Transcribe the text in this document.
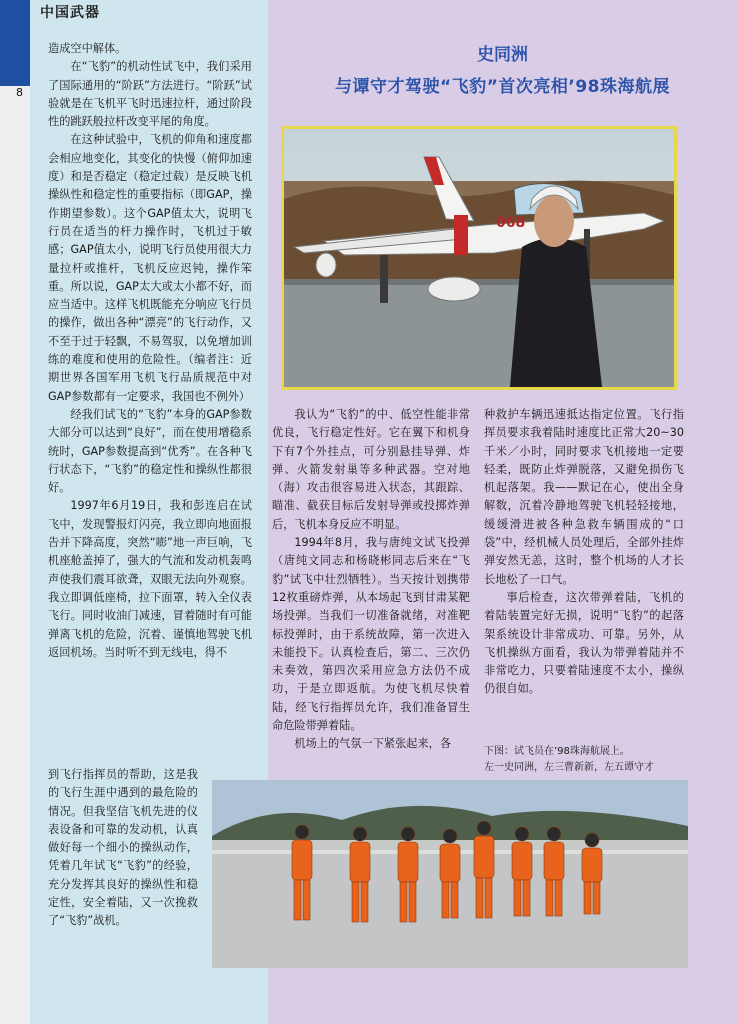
中国武器
8
史同洲
与谭守才驾驶“飞豹”首次亮相’98珠海航展

造成空中解体。

在“飞豹”的机动性试飞中，我们采用了国际通用的“阶跃”方法进行。“阶跃”试验就是在飞机平飞时迅速拉杆，通过阶段性的跳跃般拉杆改变平尾的角度。

在这种试验中，飞机的仰角和速度都会相应地变化，其变化的快慢（俯仰加速度）和是否稳定（稳定过载）是反映飞机操纵性和稳定性的重要指标（即GAP，操作期望参数）。这个GAP值太大，说明飞行员在适当的杆力操作时，飞机过于敏感；GAP值太小，说明飞行员使用很大力量拉杆或推杆，飞机反应迟钝，操作笨重。所以说，GAP太大或太小都不好，而应当适中。这样飞机既能充分响应飞行员的操作，做出各种“漂亮”的飞行动作，又不至于过于轻飘，不易驾驭，以免增加训练的难度和使用的危险性。（编者注：近期世界各国军用飞机飞行品质规范中对GAP参数都有一定要求，我国也不例外）

经我们试飞的“飞豹”本身的GAP参数大部分可以达到“良好”，而在使用增稳系统时，GAP参数提高到“优秀”。在各种飞行状态下，“飞豹”的稳定性和操纵性都很好。

1997年6月19日，我和彭连启在试飞中，发现警报灯闪亮，我立即向地面报告并下降高度，突然“嘭”地一声巨响，飞机座舱盖掉了，强大的气流和发动机轰鸣声使我们震耳欲聋，双眼无法向外观察。我立即调低座椅，拉下面罩，转入全仪表飞行。同时收油门减速，冒着随时有可能弹离飞机的危险，沉着、谨慎地驾驶飞机返回机场。当时听不到无线电，得不

到飞行指挥员的帮助，这是我的飞行生涯中遇到的最危险的情况。但我坚信飞机先进的仪表设备和可靠的发动机，认真做好每一个细小的操纵动作，凭着几年试飞“飞豹”的经验，充分发挥其良好的操纵性和稳定性，安全着陆，又一次挽救了“飞豹”战机。

我认为“飞豹”的中、低空性能非常优良，飞行稳定性好。它在翼下和机身下有7个外挂点，可分别悬挂导弹、炸弹、火箭发射巢等多种武器。空对地（海）攻击很容易进入状态，其跟踪、瞄准、截获目标后发射导弹或投掷炸弹后，飞机本身反应不明显。

1994年8月，我与唐纯文试飞投弹（唐纯文同志和杨晓彬同志后来在“飞豹”试飞中壮烈牺牲）。当天按计划携带12枚重磅炸弹，从本场起飞到甘肃某靶场投弹。当我们一切准备就绪，对准靶标投弹时，由于系统故障，第一次进入未能投下。认真检查后，第二、三次仍未奏效，第四次采用应急方法仍不成功，于是立即返航。为使飞机尽快着陆，经飞行指挥员允许，我们准备冒生命危险带弹着陆。

机场上的气氛一下紧张起来，各

种救护车辆迅速抵达指定位置。飞行指挥员要求我着陆时速度比正常大20~30千米／小时，同时要求飞机接地一定要轻柔，既防止炸弹脱落，又避免损伤飞机起落架。我——默记在心，使出全身解数，沉着冷静地驾驶飞机轻轻接地，缓缓滑进被各种急救车辆围成的“口袋”中，经机械人员处理后，全部外挂炸弹安然无恙，这时，整个机场的人才长长地松了一口气。

事后检查，这次带弹着陆，飞机的着陆装置完好无损，说明“飞豹”的起落架系统设计非常成功、可靠。另外，从飞机操纵方面看，我认为带弹着陆并不非常吃力，只要着陆速度不太小，操纵仍很自如。

068
下图：试飞员在’98珠海航展上。
左一史同洲，左三曹新新，左五谭守才
